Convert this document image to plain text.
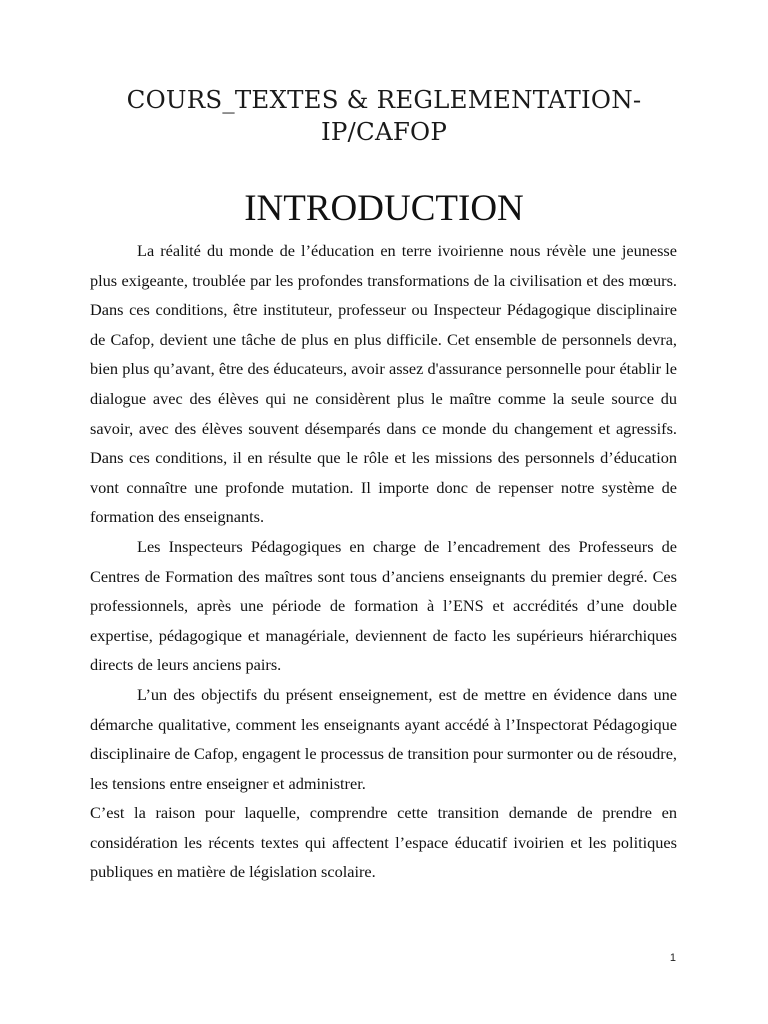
COURS_TEXTES & REGLEMENTATION-
IP/CAFOP
INTRODUCTION

La réalité du monde de l’éducation en terre ivoirienne nous révèle une jeunesse plus exigeante, troublée par les profondes transformations de la civilisation et des mœurs. Dans ces conditions, être instituteur, professeur ou Inspecteur Pédagogique disciplinaire de Cafop, devient une tâche de plus en plus difficile. Cet ensemble de personnels devra, bien plus qu’avant, être des éducateurs, avoir assez d'assurance personnelle pour établir le dialogue avec des élèves qui ne considèrent plus le maître comme la seule source du savoir, avec des élèves souvent désemparés dans ce monde du changement et agressifs. Dans ces conditions, il en résulte que le rôle et les missions des personnels d’éducation vont connaître une profonde mutation. Il importe donc de repenser notre système de formation des enseignants.

Les Inspecteurs Pédagogiques en charge de l’encadrement des Professeurs de Centres de Formation des maîtres sont tous d’anciens enseignants du premier degré. Ces professionnels, après une période de formation à l’ENS et accrédités d’une double expertise, pédagogique et managériale, deviennent de facto les supérieurs hiérarchiques directs de leurs anciens pairs.

L’un des objectifs du présent enseignement, est de mettre en évidence dans une démarche qualitative, comment les enseignants ayant accédé à l’Inspectorat Pédagogique disciplinaire de Cafop, engagent le processus de transition pour surmonter ou de résoudre, les tensions entre enseigner et administrer.

C’est la raison pour laquelle, comprendre cette transition demande de prendre en considération les récents textes qui affectent l’espace éducatif ivoirien et les politiques publiques en matière de législation scolaire.

1
